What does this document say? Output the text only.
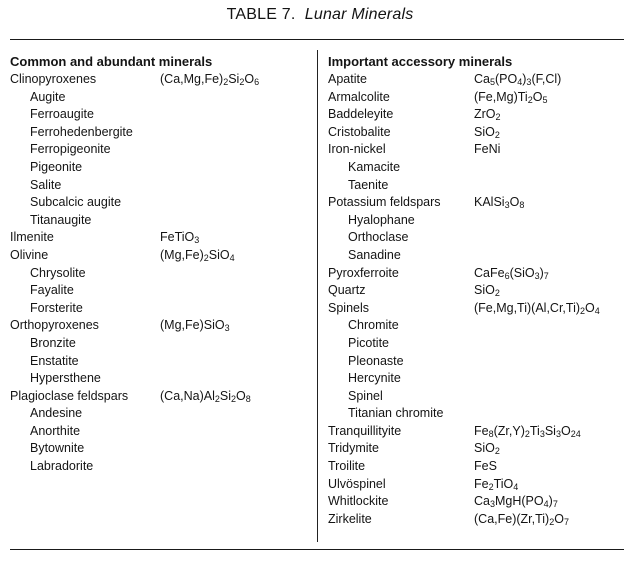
TABLE 7. Lunar Minerals
Common and abundant minerals
Clinopyroxenes	$(Ca,Mg,Fe)_2Si_2O_6$
Augite
Ferroaugite
Ferrohedenbergite
Ferropigeonite
Pigeonite
Salite
Subcalcic augite
Titanaugite
Ilmenite	FeTiO$_3$
Olivine	$(Mg,Fe)_2SiO_4$
Chrysolite
Fayalite
Forsterite
Orthopyroxenes	(Mg,Fe)SiO$_3$
Bronzite
Enstatite
Hypersthene
Plagioclase feldspars	$(Ca,Na)Al_2Si_2O_8$
Andesine
Anorthite
Bytownite
Labradorite
Important accessory minerals
Apatite	$Ca_5(PO_4)_3(F,Cl)$
Armalcolite	$(Fe,Mg)Ti_2O_5$
Baddeleyite	ZrO$_2$
Cristobalite	SiO$_2$
Iron-nickel	FeNi
Kamacite
Taenite
Potassium feldspars	$KAlSi_3O_8$
Hyalophane
Orthoclase
Sanadine
Pyroxferroite	$CaFe_6(SiO_3)_7$
Quartz	SiO$_2$
Spinels	$(Fe,Mg,Ti)(Al,Cr,Ti)_2O_4$
Chromite
Picotite
Pleonaste
Hercynite
Spinel
Titanian chromite
Tranquillityite	$Fe_8(Zr,Y)_2Ti_3Si_3O_{24}$
Tridymite	SiO$_2$
Troilite	FeS
Ulvöspinel	$Fe_2TiO_4$
Whitlockite	$Ca_3MgH(PO_4)_7$
Zirkelite	$(Ca,Fe)(Zr,Ti)_2O_7$
